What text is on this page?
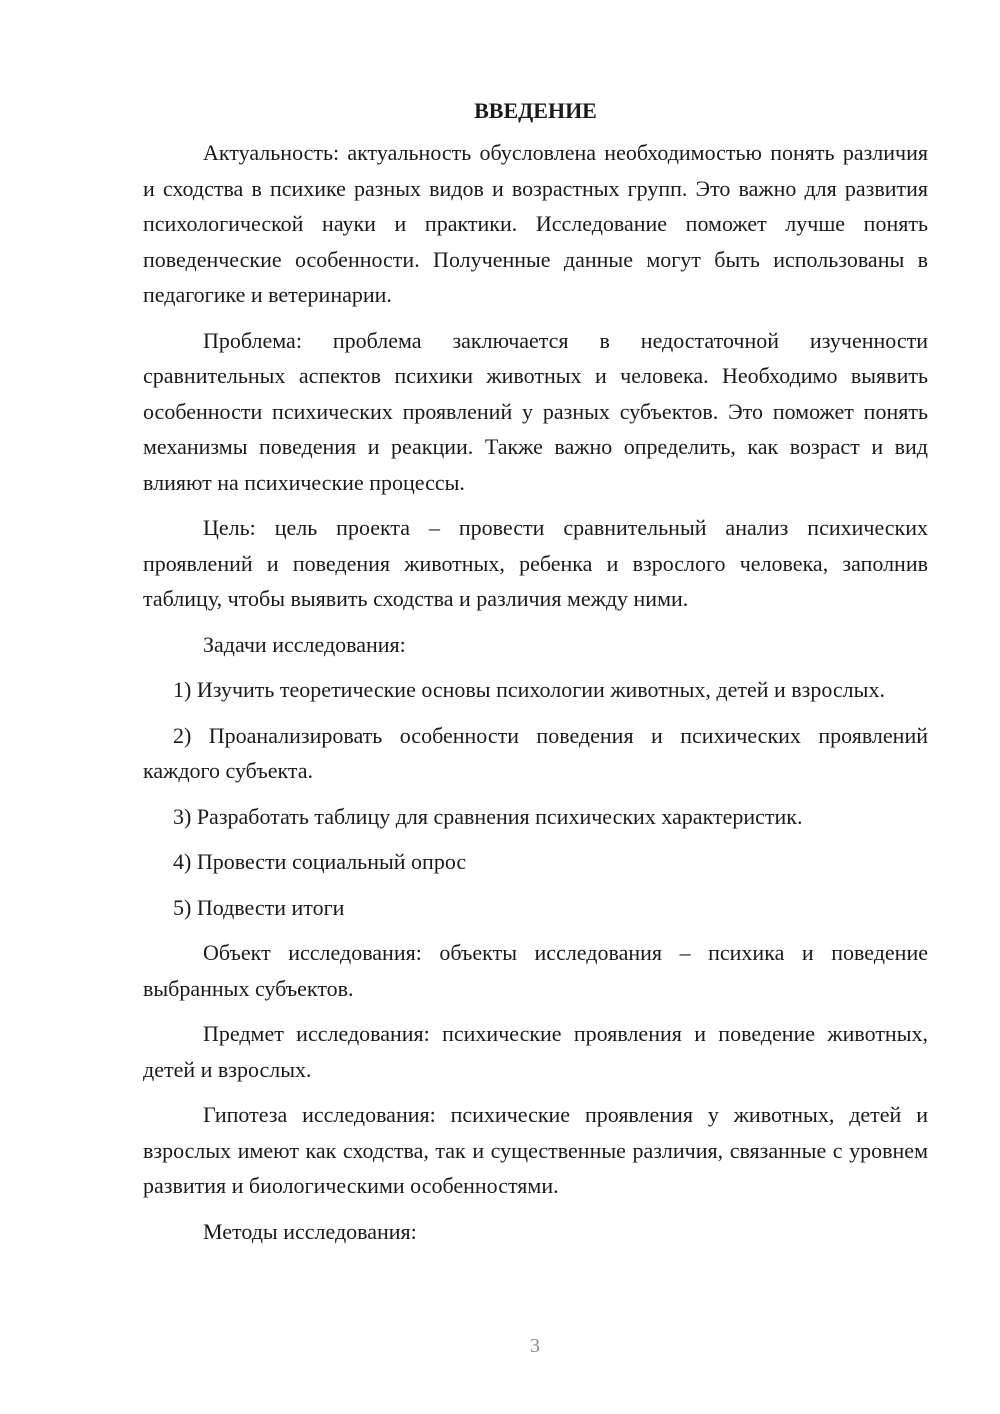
ВВЕДЕНИЕ

Актуальность: актуальность обусловлена необходимостью понять различия и сходства в психике разных видов и возрастных групп. Это важно для развития психологической науки и практики. Исследование поможет лучше понять поведенческие особенности. Полученные данные могут быть использованы в педагогике и ветеринарии.

Проблема: проблема заключается в недостаточной изученности сравнительных аспектов психики животных и человека. Необходимо выявить особенности психических проявлений у разных субъектов. Это поможет понять механизмы поведения и реакции. Также важно определить, как возраст и вид влияют на психические процессы.

Цель: цель проекта – провести сравнительный анализ психических проявлений и поведения животных, ребенка и взрослого человека, заполнив таблицу, чтобы выявить сходства и различия между ними.

Задачи исследования:

1) Изучить теоретические основы психологии животных, детей и взрослых.

2) Проанализировать особенности поведения и психических проявлений каждого субъекта.

3) Разработать таблицу для сравнения психических характеристик.

4) Провести социальный опрос

5) Подвести итоги

Объект исследования: объекты исследования – психика и поведение выбранных субъектов.

Предмет исследования: психические проявления и поведение животных, детей и взрослых.

Гипотеза исследования: психические проявления у животных, детей и взрослых имеют как сходства, так и существенные различия, связанные с уровнем развития и биологическими особенностями.

Методы исследования:

3
